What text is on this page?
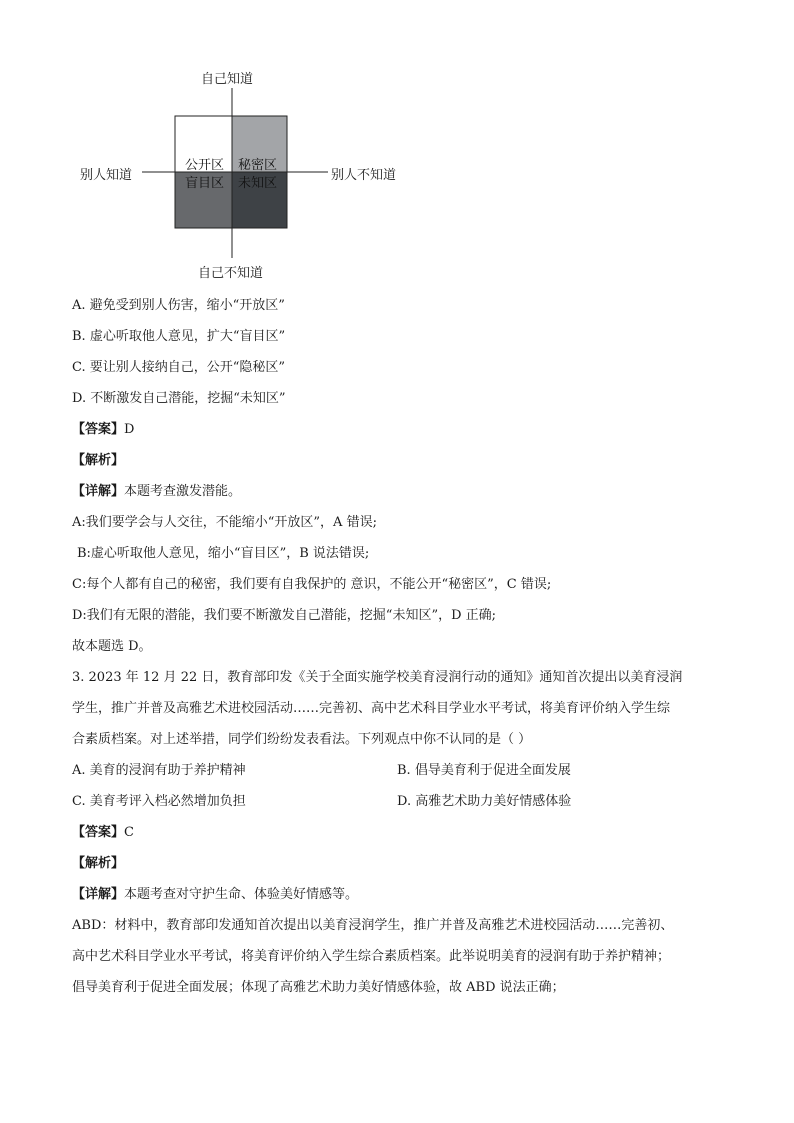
自己知道
自己不知道
别人知道	别人不知道
公开区 秘密区
盲目区 未知区
A. 避免受到别人伤害，缩小“开放区”
B. 虚心听取他人意见，扩大“盲目区”
C. 要让别人接纳自己，公开“隐秘区”
D. 不断激发自己潜能，挖掘“未知区”
【答案】D
【解析】
【详解】本题考查激发潜能。
A:我们要学会与人交往，不能缩小“开放区”，A 错误;
B:虚心听取他人意见，缩小“盲目区”，B 说法错误;
C:每个人都有自己的秘密，我们要有自我保护的 意识，不能公开“秘密区”，C 错误;
D:我们有无限的潜能，我们要不断激发自己潜能，挖掘“未知区”，D 正确;
故本题选 D。
3. 2023 年 12 月 22 日，教育部印发《关于全面实施学校美育浸润行动的通知》通知首次提出以美育浸润
学生，推广并普及高雅艺术进校园活动……完善初、高中艺术科目学业水平考试，将美育评价纳入学生综
合素质档案。对上述举措，同学们纷纷发表看法。下列观点中你不认同的是（ ）
A. 美育的浸润有助于养护精神	B. 倡导美育利于促进全面发展
C. 美育考评入档必然增加负担	D. 高雅艺术助力美好情感体验
【答案】C
【解析】
【详解】本题考查对守护生命、体验美好情感等。
ABD：材料中，教育部印发通知首次提出以美育浸润学生，推广并普及高雅艺术进校园活动……完善初、
高中艺术科目学业水平考试，将美育评价纳入学生综合素质档案。此举说明美育的浸润有助于养护精神；
倡导美育利于促进全面发展；体现了高雅艺术助力美好情感体验，故 ABD 说法正确；
